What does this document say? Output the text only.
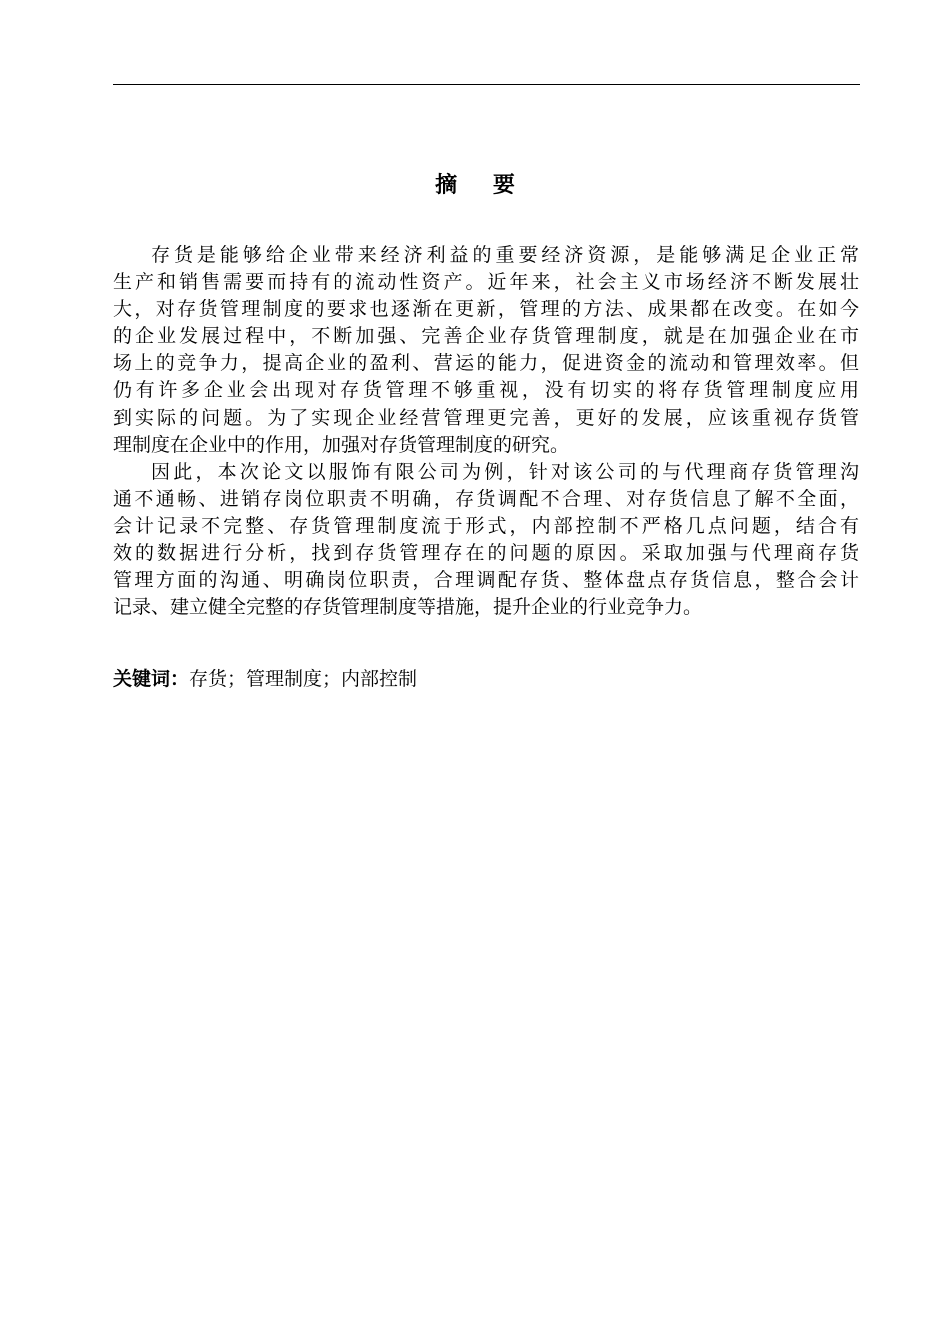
摘 要
存货是能够给企业带来经济利益的重要经济资源，是能够满足企业正常
生产和销售需要而持有的流动性资产。近年来，社会主义市场经济不断发展壮
大，对存货管理制度的要求也逐渐在更新，管理的方法、成果都在改变。在如今
的企业发展过程中，不断加强、完善企业存货管理制度，就是在加强企业在市
场上的竞争力，提高企业的盈利、营运的能力，促进资金的流动和管理效率。但
仍有许多企业会出现对存货管理不够重视，没有切实的将存货管理制度应用
到实际的问题。为了实现企业经营管理更完善，更好的发展，应该重视存货管
理制度在企业中的作用，加强对存货管理制度的研究。
因此，本次论文以服饰有限公司为例，针对该公司的与代理商存货管理沟
通不通畅、进销存岗位职责不明确，存货调配不合理、对存货信息了解不全面，
会计记录不完整、存货管理制度流于形式，内部控制不严格几点问题，结合有
效的数据进行分析，找到存货管理存在的问题的原因。采取加强与代理商存货
管理方面的沟通、明确岗位职责，合理调配存货、整体盘点存货信息，整合会计
记录、建立健全完整的存货管理制度等措施，提升企业的行业竞争力。
关键词：存货；管理制度；内部控制
